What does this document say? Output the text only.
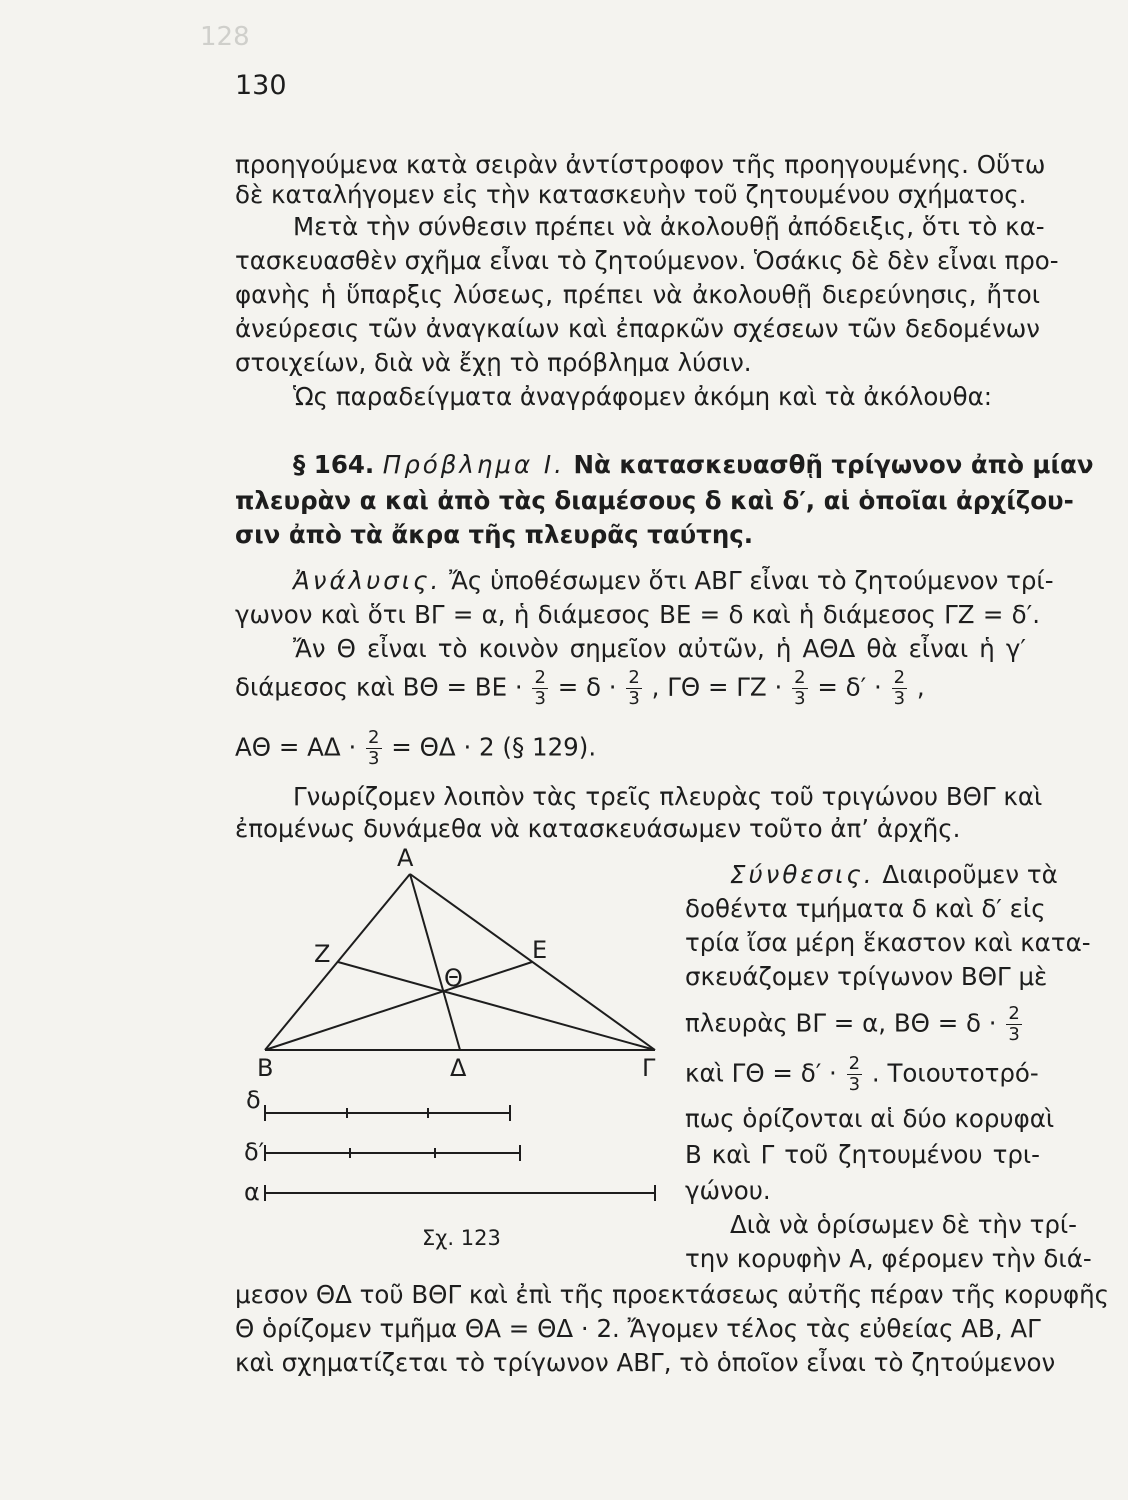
128
130
προηγούμενα κατὰ σειρὰν ἀντίστροφον τῆς προηγουμένης. Οὕτω
δὲ καταλήγομεν εἰς τὴν κατασκευὴν τοῦ ζητουμένου σχήματος.
Μετὰ τὴν σύνθεσιν πρέπει νὰ ἀκολουθῇ ἀπόδειξις, ὅτι τὸ κα-
τασκευασθὲν σχῆμα εἶναι τὸ ζητούμενον. Ὁσάκις δὲ δὲν εἶναι προ-
φανὴς ἡ ὕπαρξις λύσεως, πρέπει νὰ ἀκολουθῇ διερεύνησις, ἤτοι
ἀνεύρεσις τῶν ἀναγκαίων καὶ ἐπαρκῶν σχέσεων τῶν δεδομένων
στοιχείων, διὰ νὰ ἔχῃ τὸ πρόβλημα λύσιν.
Ὡς παραδείγματα ἀναγράφομεν ἀκόμη καὶ τὰ ἀκόλουθα:
§ 164. Πρόβλημα Ι. Νὰ κατασκευασθῇ τρίγωνον ἀπὸ μίαν
πλευρὰν α καὶ ἀπὸ τὰς διαμέσους δ καὶ δ′, αἱ ὁποῖαι ἀρχίζου-
σιν ἀπὸ τὰ ἄκρα τῆς πλευρᾶς ταύτης.
Ἀνάλυσις. Ἄς ὑποθέσωμεν ὅτι ΑΒΓ εἶναι τὸ ζητούμενον τρί-
γωνον καὶ ὅτι ΒΓ = α, ἡ διάμεσος ΒΕ = δ καὶ ἡ διάμεσος ΓΖ = δ′.
Ἄν Θ εἶναι τὸ κοινὸν σημεῖον αὐτῶν, ἡ ΑΘΔ θὰ εἶναι ἡ γ′
διάμεσος καὶ $B\Theta = BE \cdot \frac{2}{3} = \delta \cdot \frac{2}{3}$ , $\Gamma\Theta = \Gamma Z \cdot \frac{2}{3} = \delta' \cdot \frac{2}{3}$ ,
$A\Theta = A\Delta \cdot \frac{2}{3} = \Theta\Delta \cdot 2$ (§ 129).
Γνωρίζομεν λοιπὸν τὰς τρεῖς πλευρὰς τοῦ τριγώνου ΒΘΓ καὶ
ἐπομένως δυνάμεθα νὰ κατασκευάσωμεν τοῦτο ἀπ’ ἀρχῆς.
Σύνθεσις. Διαιροῦμεν τὰ
δοθέντα τμήματα δ καὶ δ′ εἰς
τρία ἴσα μέρη ἕκαστον καὶ κατα-
σκευάζομεν τρίγωνον ΒΘΓ μὲ
πλευρὰς ΒΓ = α, $B\Theta = \delta \cdot \frac{2}{3}$
καὶ $\Gamma\Theta = \delta' \cdot \frac{2}{3}$ . Τοιουτοτρό-
πως ὁρίζονται αἱ δύο κορυφαὶ
Β καὶ Γ τοῦ ζητουμένου τρι-
γώνου.
Διὰ νὰ ὁρίσωμεν δὲ τὴν τρί-
την κορυφὴν Α, φέρομεν τὴν διά-
μεσον ΘΔ τοῦ ΒΘΓ καὶ ἐπὶ τῆς προεκτάσεως αὐτῆς πέραν τῆς κορυφῆς
Θ ὁρίζομεν τμῆμα ΘΑ = ΘΔ · 2. Ἄγομεν τέλος τὰς εὐθείας ΑΒ, ΑΓ
καὶ σχηματίζεται τὸ τρίγωνον ΑΒΓ, τὸ ὁποῖον εἶναι τὸ ζητούμενον
Α
Ζ	Ε
Θ
Β	Δ	Γ
δ
δ′
α
Σχ. 123
